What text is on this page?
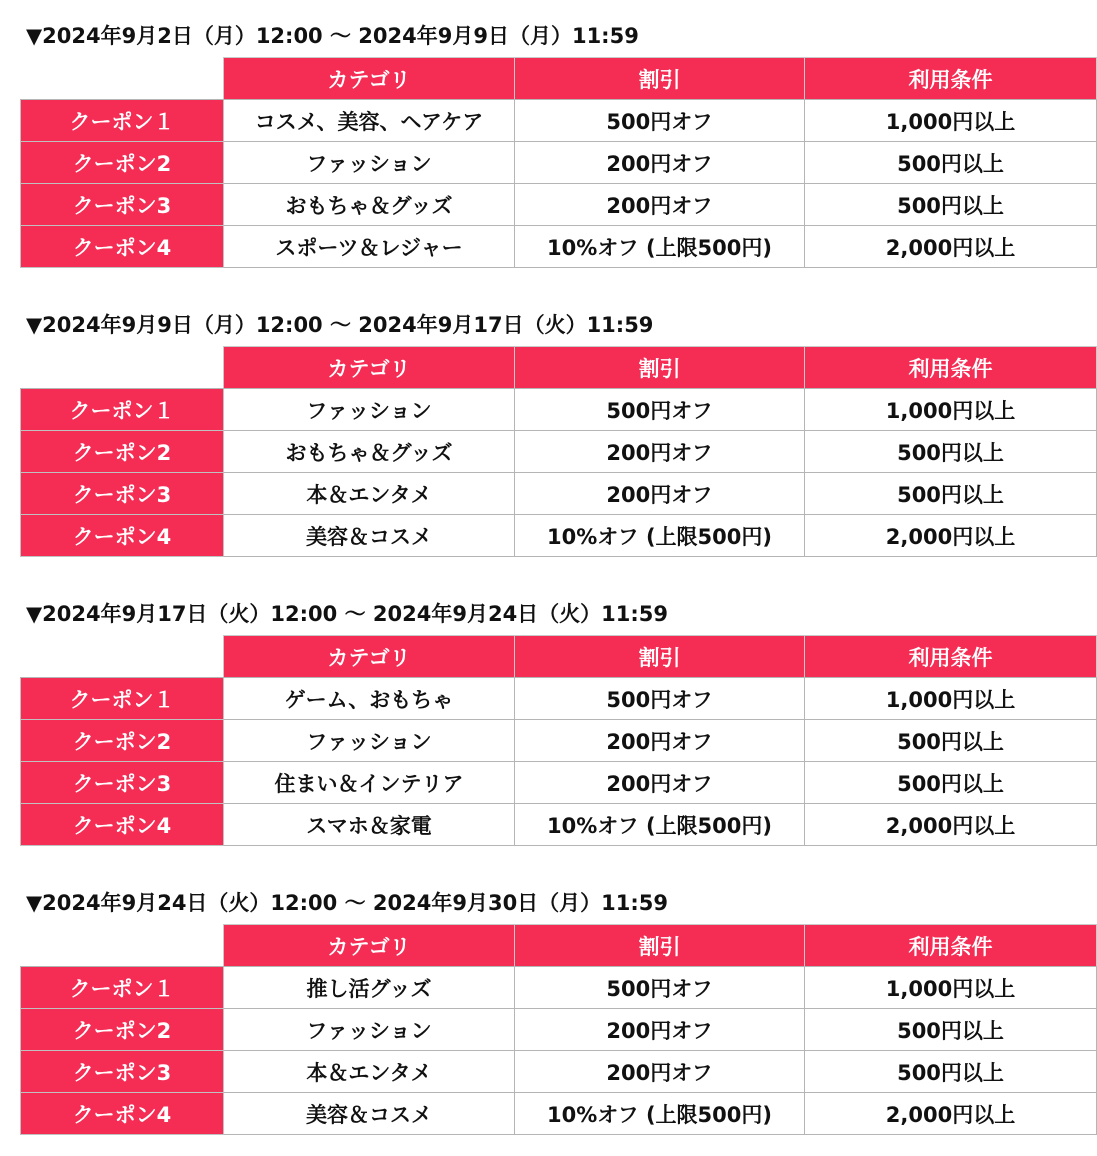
▼2024年9月2日（月）12:00 ～ 2024年9月9日（月）11:59
	カテゴリ	割引	利用条件
クーポン１	コスメ、美容、ヘアケア	500円オフ	1,000円以上
クーポン2	ファッション	200円オフ	500円以上
クーポン3	おもちゃ＆グッズ	200円オフ	500円以上
クーポン4	スポーツ＆レジャー	10%オフ (上限500円)	2,000円以上
▼2024年9月9日（月）12:00 ～ 2024年9月17日（火）11:59
	カテゴリ	割引	利用条件
クーポン１	ファッション	500円オフ	1,000円以上
クーポン2	おもちゃ＆グッズ	200円オフ	500円以上
クーポン3	本＆エンタメ	200円オフ	500円以上
クーポン4	美容＆コスメ	10%オフ (上限500円)	2,000円以上
▼2024年9月17日（火）12:00 ～ 2024年9月24日（火）11:59
	カテゴリ	割引	利用条件
クーポン１	ゲーム、おもちゃ	500円オフ	1,000円以上
クーポン2	ファッション	200円オフ	500円以上
クーポン3	住まい＆インテリア	200円オフ	500円以上
クーポン4	スマホ＆家電	10%オフ (上限500円)	2,000円以上
▼2024年9月24日（火）12:00 ～ 2024年9月30日（月）11:59
	カテゴリ	割引	利用条件
クーポン１	推し活グッズ	500円オフ	1,000円以上
クーポン2	ファッション	200円オフ	500円以上
クーポン3	本＆エンタメ	200円オフ	500円以上
クーポン4	美容＆コスメ	10%オフ (上限500円)	2,000円以上
